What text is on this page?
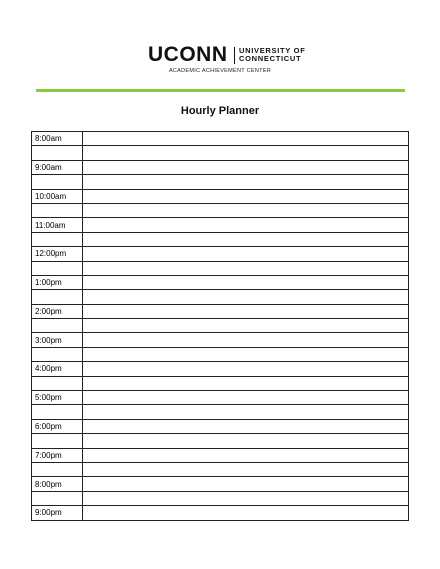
UCONN UNIVERSITY OF
CONNECTICUT
ACADEMIC ACHIEVEMENT CENTER
Hourly Planner
8:00am	

9:00am	

10:00am	

11:00am	

12:00pm	

1:00pm	

2:00pm	

3:00pm	

4:00pm	

5:00pm	

6:00pm	

7:00pm	

8:00pm	

9:00pm	
